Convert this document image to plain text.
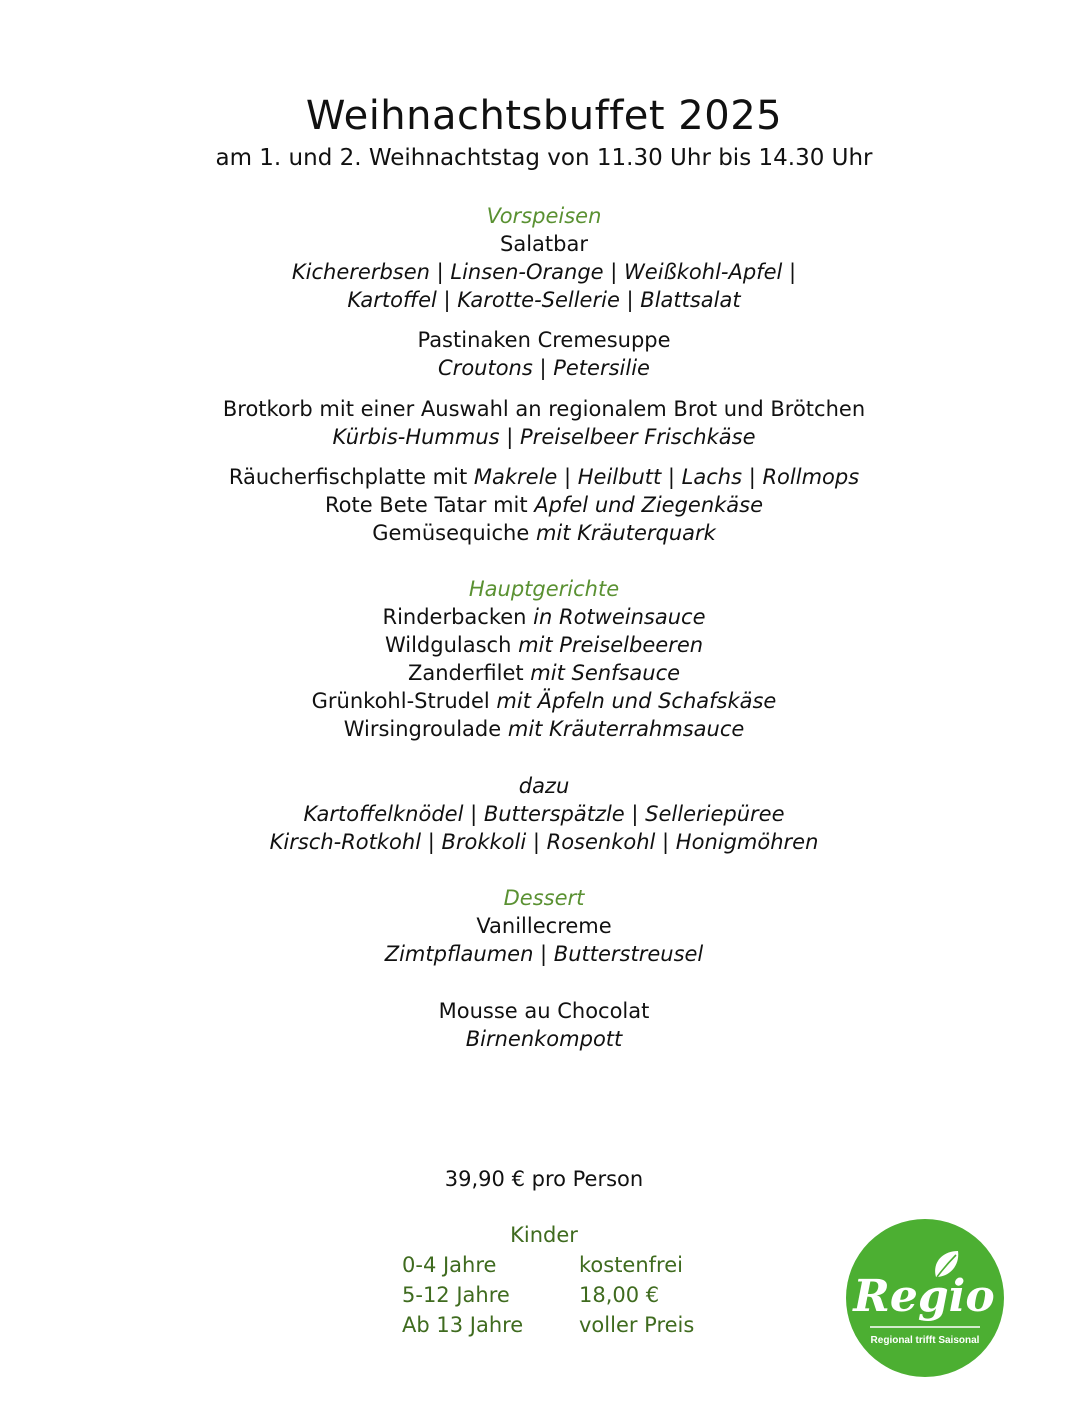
Weihnachtsbuffet 2025
am 1. und 2. Weihnachtstag von 11.30 Uhr bis 14.30 Uhr
Vorspeisen
Salatbar
Kichererbsen | Linsen-Orange | Weißkohl-Apfel |
Kartoffel | Karotte-Sellerie | Blattsalat
Pastinaken Cremesuppe
Croutons | Petersilie
Brotkorb mit einer Auswahl an regionalem Brot und Brötchen
Kürbis-Hummus | Preiselbeer Frischkäse
Räucherfischplatte mit Makrele | Heilbutt | Lachs | Rollmops
Rote Bete Tatar mit Apfel und Ziegenkäse
Gemüsequiche mit Kräuterquark
Hauptgerichte
Rinderbacken in Rotweinsauce
Wildgulasch mit Preiselbeeren
Zanderfilet mit Senfsauce
Grünkohl-Strudel mit Äpfeln und Schafskäse
Wirsingroulade mit Kräuterrahmsauce
dazu
Kartoffelknödel | Butterspätzle | Selleriepüree
Kirsch-Rotkohl | Brokkoli | Rosenkohl | Honigmöhren
Dessert
Vanillecreme
Zimtpflaumen | Butterstreusel
Mousse au Chocolat
Birnenkompott
39,90 € pro Person
Kinder
0-4 Jahre	kostenfrei
5-12 Jahre	18,00 €
Ab 13 Jahre	voller Preis
Regio
Regional trifft Saisonal
